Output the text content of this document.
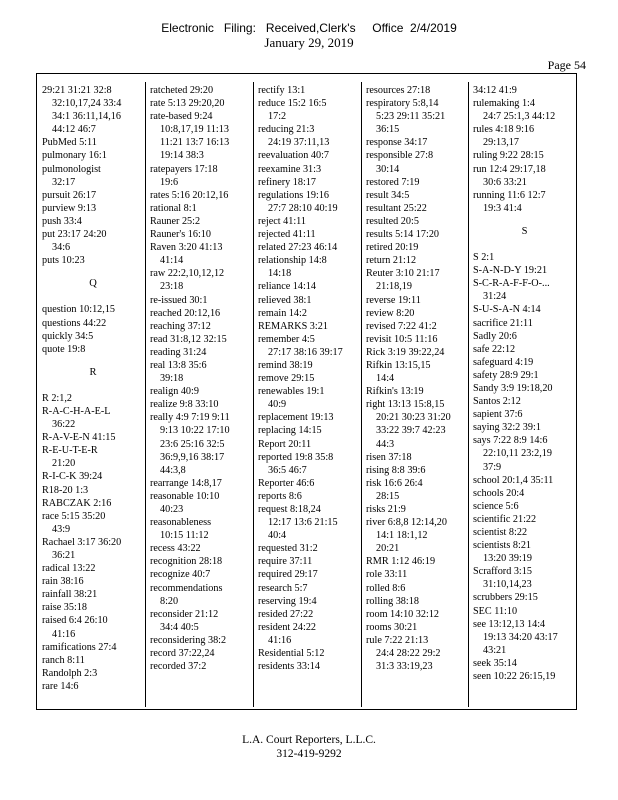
Electronic   Filing:   Received,Clerk's     Office  2/4/2019
January 29, 2019
Page 54
29:21 31:21 32:8
32:10,17,24 33:4
34:1 36:11,14,16
44:12 46:7
PubMed 5:11
pulmonary 16:1
pulmonologist
32:17
pursuit 26:17
purview 9:13
push 33:4
put 23:17 24:20
34:6
puts 10:23
Q
question 10:12,15
questions 44:22
quickly 34:5
quote 19:8
R
R 2:1,2
R-A-C-H-A-E-L
36:22
R-A-V-E-N 41:15
R-E-U-T-E-R
21:20
R-I-C-K 39:24
R18-20 1:3
RABCZAK 2:16
race 5:15 35:20
43:9
Rachael 3:17 36:20
36:21
radical 13:22
rain 38:16
rainfall 38:21
raise 35:18
raised 6:4 26:10
41:16
ramifications 27:4
ranch 8:11
Randolph 2:3
rare 14:6
ratcheted 29:20
rate 5:13 29:20,20
rate-based 9:24
10:8,17,19 11:13
11:21 13:7 16:13
19:14 38:3
ratepayers 17:18
19:6
rates 5:16 20:12,16
rational 8:1
Rauner 25:2
Rauner's 16:10
Raven 3:20 41:13
41:14
raw 22:2,10,12,12
23:18
re-issued 30:1
reached 20:12,16
reaching 37:12
read 31:8,12 32:15
reading 31:24
real 13:8 35:6
39:18
realign 40:9
realize 9:8 33:10
really 4:9 7:19 9:11
9:13 10:22 17:10
23:6 25:16 32:5
36:9,9,16 38:17
44:3,8
rearrange 14:8,17
reasonable 10:10
40:23
reasonableness
10:15 11:12
recess 43:22
recognition 28:18
recognize 40:7
recommendations
8:20
reconsider 21:12
34:4 40:5
reconsidering 38:2
record 37:22,24
recorded 37:2
rectify 13:1
reduce 15:2 16:5
17:2
reducing 21:3
24:19 37:11,13
reevaluation 40:7
reexamine 31:3
refinery 18:17
regulations 19:16
27:7 28:10 40:19
reject 41:11
rejected 41:11
related 27:23 46:14
relationship 14:8
14:18
reliance 14:14
relieved 38:1
remain 14:2
REMARKS 3:21
remember 4:5
27:17 38:16 39:17
remind 38:19
remove 29:15
renewables 19:1
40:9
replacement 19:13
replacing 14:15
Report 20:11
reported 19:8 35:8
36:5 46:7
Reporter 46:6
reports 8:6
request 8:18,24
12:17 13:6 21:15
40:4
requested 31:2
require 37:11
required 29:17
research 5:7
reserving 19:4
resided 27:22
resident 24:22
41:16
Residential 5:12
residents 33:14
resources 27:18
respiratory 5:8,14
5:23 29:11 35:21
36:15
response 34:17
responsible 27:8
30:14
restored 7:19
result 34:5
resultant 25:22
resulted 20:5
results 5:14 17:20
retired 20:19
return 21:12
Reuter 3:10 21:17
21:18,19
reverse 19:11
review 8:20
revised 7:22 41:2
revisit 10:5 11:16
Rick 3:19 39:22,24
Rifkin 13:15,15
14:4
Rifkin's 13:19
right 13:13 15:8,15
20:21 30:23 31:20
33:22 39:7 42:23
44:3
risen 37:18
rising 8:8 39:6
risk 16:6 26:4
28:15
risks 21:9
river 6:8,8 12:14,20
14:1 18:1,12
20:21
RMR 1:12 46:19
role 33:11
rolled 8:6
rolling 38:18
room 14:10 32:12
rooms 30:21
rule 7:22 21:13
24:4 28:22 29:2
31:3 33:19,23
34:12 41:9
rulemaking 1:4
24:7 25:1,3 44:12
rules 4:18 9:16
29:13,17
ruling 9:22 28:15
run 12:4 29:17,18
30:6 33:21
running 11:6 12:7
19:3 41:4
S
S 2:1
S-A-N-D-Y 19:21
S-C-R-A-F-F-O-...
31:24
S-U-S-A-N 4:14
sacrifice 21:11
Sadly 20:6
safe 22:12
safeguard 4:19
safety 28:9 29:1
Sandy 3:9 19:18,20
Santos 2:12
sapient 37:6
saying 32:2 39:1
says 7:22 8:9 14:6
22:10,11 23:2,19
37:9
school 20:1,4 35:11
schools 20:4
science 5:6
scientific 21:22
scientist 8:22
scientists 8:21
13:20 39:19
Scrafford 3:15
31:10,14,23
scrubbers 29:15
SEC 11:10
see 13:12,13 14:4
19:13 34:20 43:17
43:21
seek 35:14
seen 10:22 26:15,19
L.A. Court Reporters, L.L.C.
312-419-9292
